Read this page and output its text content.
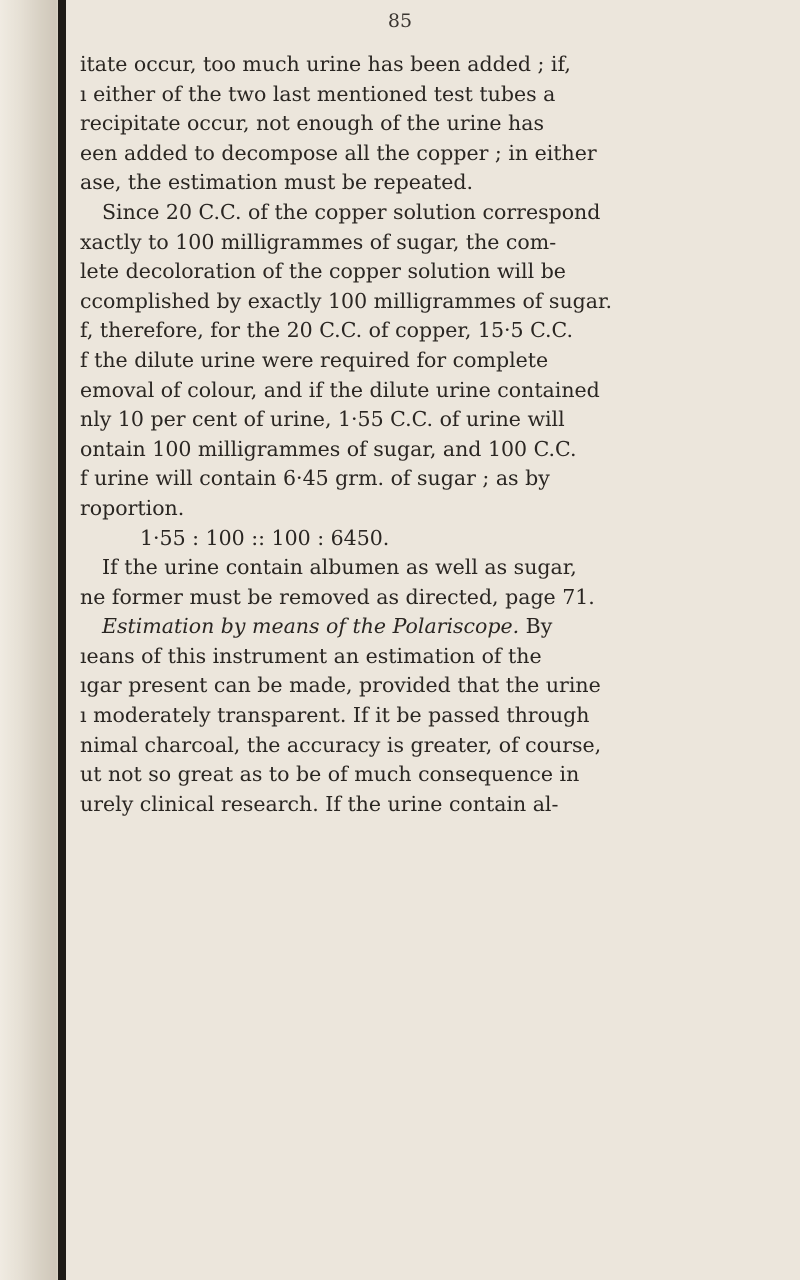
85
itate occur, too much urine has been added ; if,
ı either of the two last mentioned test tubes a
recipitate occur, not enough of the urine has
een added to decompose all the copper ; in either
ase, the estimation must be repeated.
Since 20 C.C. of the copper solution correspond
xactly to 100 milligrammes of sugar, the com-
lete decoloration of the copper solution will be
ccomplished by exactly 100 milligrammes of sugar.
f, therefore, for the 20 C.C. of copper, 15·5 C.C.
f the dilute urine were required for complete
emoval of colour, and if the dilute urine contained
nly 10 per cent of urine, 1·55 C.C. of urine will
ontain 100 milligrammes of sugar, and 100 C.C.
f urine will contain 6·45 grm. of sugar ; as by
roportion.
1·55 : 100 :: 100 : 6450.
If the urine contain albumen as well as sugar,
ne former must be removed as directed, page 71.
Estimation by means of the Polariscope. By
ıeans of this instrument an estimation of the
ıgar present can be made, provided that the urine
ı moderately transparent. If it be passed through
nimal charcoal, the accuracy is greater, of course,
ut not so great as to be of much consequence in
urely clinical research. If the urine contain al-
